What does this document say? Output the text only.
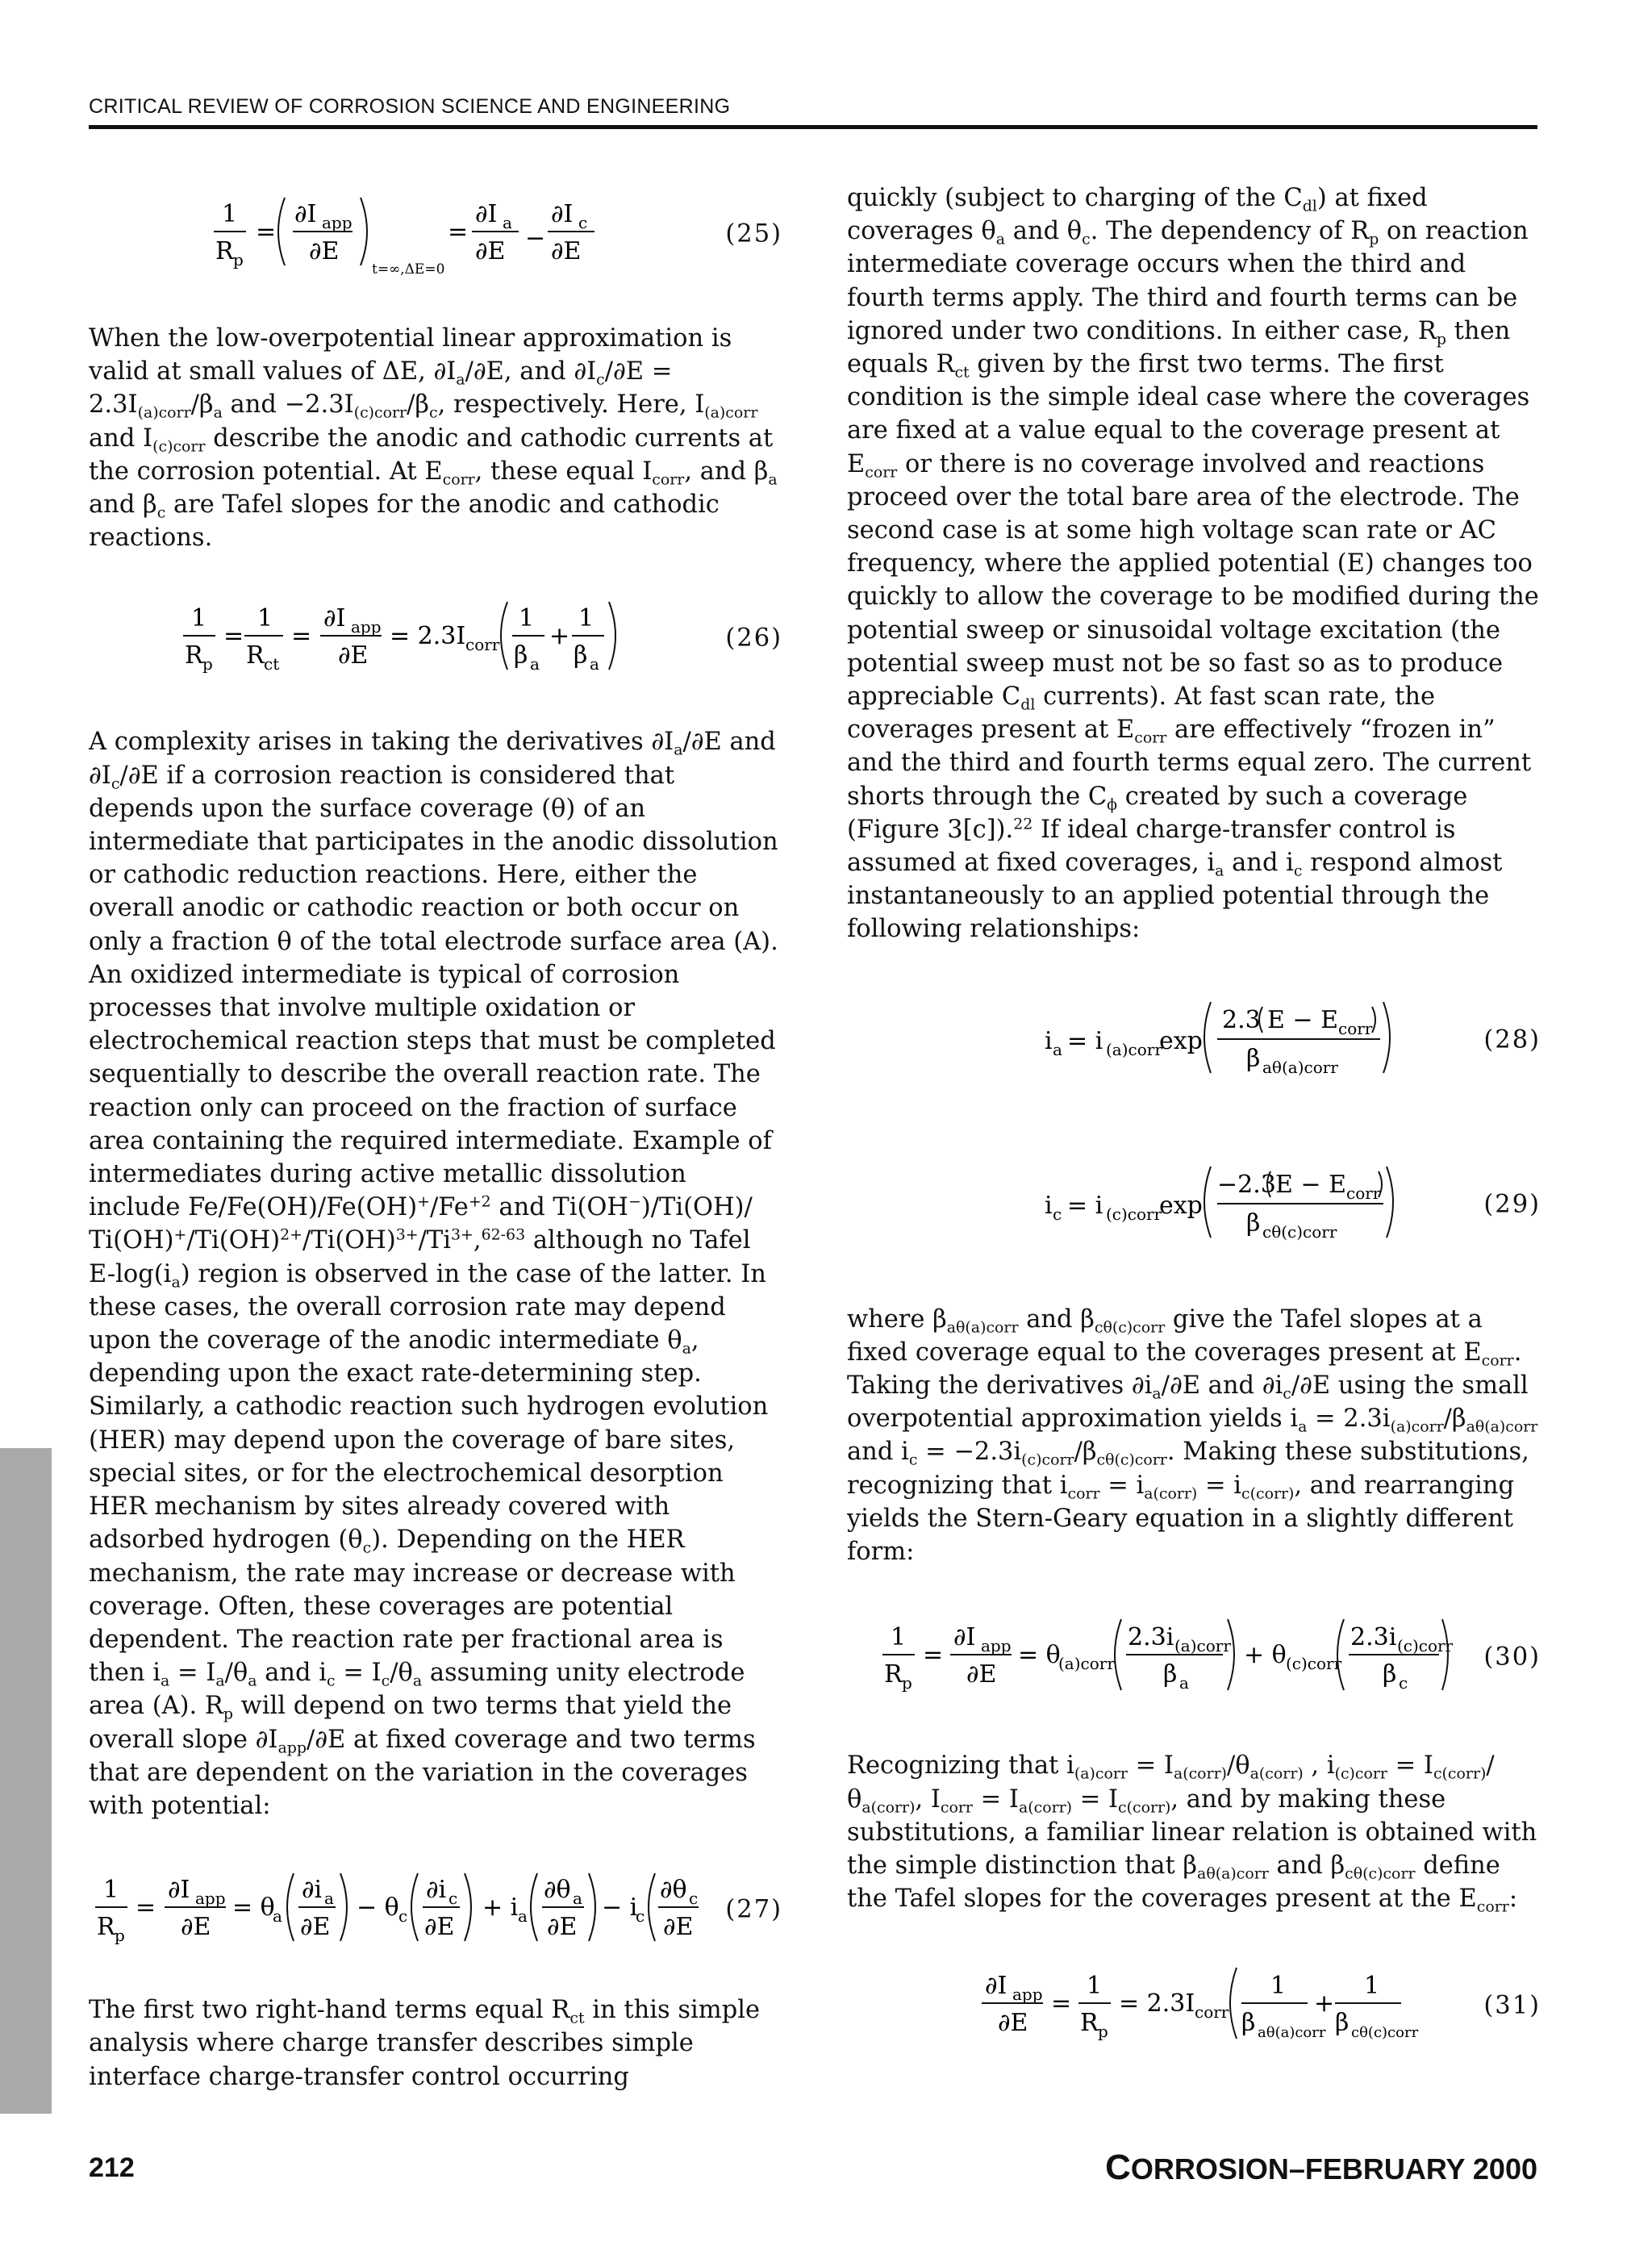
CRITICAL REVIEW OF CORROSION SCIENCE AND ENGINEERING
1
R p
=
∂I app
∂E
t=∞,ΔE=0
=
∂I a
∂E −
∂I c
∂E
(25)

When the low-overpotential linear approximation is valid at small values of ΔE, $\partial I_a/\partial E$, and $\partial I_c/\partial E = 2.3I_{(a)corr}/\beta_a$ and $-2.3I_{(c)corr}/\beta_c$, respectively. Here, $I_{(a)corr}$ and $I_{(c)corr}$ describe the anodic and cathodic currents at the corrosion potential. At $E_{corr}$, these equal $I_{corr}$, and $\beta_a$ and $\beta_c$ are Tafel slopes for the anodic and cathodic reactions.

1
R p
=
1
R ct
=
∂I app
∂E
= 2.3I corr
1
β a
+
1
β a
(26)

A complexity arises in taking the derivatives $\partial I_a/\partial E$ and $\partial I_c/\partial E$ if a corrosion reaction is considered that depends upon the surface coverage (θ) of an intermediate that participates in the anodic dissolution or cathodic reduction reactions. Here, either the overall anodic or cathodic reaction or both occur on only a fraction θ of the total electrode surface area (A). An oxidized intermediate is typical of corrosion processes that involve multiple oxidation or electrochemical reaction steps that must be completed sequentially to describe the overall reaction rate. The reaction only can proceed on the fraction of surface area containing the required intermediate. Example of intermediates during active metallic dissolution include $Fe/Fe(OH)/Fe(OH)^+/Fe^{+2}$ and Ti(OH−)/Ti(OH)/ $Ti(OH)^+/Ti(OH)^{2+}/Ti(OH)^{3+}/Ti^{3+},^{62-63}$ although no Tafel $E-\log(i_a)$ region is observed in the case of the latter. In these cases, the overall corrosion rate may depend upon the coverage of the anodic intermediate $\theta_a$, depending upon the exact rate-determining step. Similarly, a cathodic reaction such hydrogen evolution (HER) may depend upon the coverage of bare sites, special sites, or for the electrochemical desorption HER mechanism by sites already covered with adsorbed hydrogen $(\theta_c)$. Depending on the HER mechanism, the rate may increase or decrease with coverage. Often, these coverages are potential dependent. The reaction rate per fractional area is then $i_a = I_a/\theta_a$ and $i_c = I_c/\theta_a$ assuming unity electrode area (A). $R_p$ will depend on two terms that yield the overall slope $\partial I_{app}/\partial E$ at fixed coverage and two terms that are dependent on the variation in the coverages with potential:

1
R p
=
∂I app
∂E
= θ
a
∂i a
∂E
− θ c
∂i c
∂E
+ i a
∂θ a
∂E
− i
c
∂θ c
∂E
(27)

The first two right-hand terms equal $R_{ct}$ in this simple analysis where charge transfer describes simple interface charge-transfer control occurring

quickly (subject to charging of the $C_{dl}$) at fixed coverages $\theta_a$ and $\theta_c$. The dependency of $R_p$ on reaction intermediate coverage occurs when the third and fourth terms apply. The third and fourth terms can be ignored under two conditions. In either case, $R_p$ then equals $R_{ct}$ given by the first two terms. The first condition is the simple ideal case where the coverages are fixed at a value equal to the coverage present at $E_{corr}$ or there is no coverage involved and reactions proceed over the total bare area of the electrode. The second case is at some high voltage scan rate or AC frequency, where the applied potential (E) changes too quickly to allow the coverage to be modified during the potential sweep or sinusoidal voltage excitation (the potential sweep must not be so fast so as to produce appreciable $C_{dl}$ currents). At fast scan rate, the coverages present at $E_{corr}$ are effectively “frozen in” and the third and fourth terms equal zero. The current shorts through the $C_\phi$ created by such a coverage (Figure 3[c]).$^{22}$ If ideal charge-transfer control is assumed at fixed coverages, $i_a$ and $i_c$ respond almost instantaneously to an applied potential through the following relationships:

i a = i (a)corr
exp
2.3 E − E corr
β aθ(a)corr
(28)
i c = i (c)corr
exp
−2.3 E − E corr
β cθ(c)corr
(29)

where $\beta_{a\theta(a)corr}$ and $\beta_{c\theta(c)corr}$ give the Tafel slopes at a fixed coverage equal to the coverages present at $E_{corr}$. Taking the derivatives $\partial i_a/\partial E$ and $\partial i_c/\partial E$ using the small overpotential approximation yields $i_a = 2.3i_{(a)corr}/\beta_{a\theta(a)corr}$ and $i_c = -2.3i_{(c)corr}/\beta_{c\theta(c)corr}$. Making these substitutions, recognizing that $i_{corr} = i_{a(corr)} = i_{c(corr)}$, and rearranging yields the Stern-Geary equation in a slightly different form:

1
R p
=
∂I app
∂E
= θ
(a)corr
2.3i (a)corr
β a
+ θ (c)corr
2.3i (c)corr
β c
(30)

Recognizing that $i_{(a)corr} = I_{a(corr)}/\theta_{a(corr)}$ , $i_{(c)corr} = I_{c(corr)}/$ $\theta_{a(corr)}$, $I_{corr} = I_{a(corr)} = I_{c(corr)}$, and by making these substitutions, a familiar linear relation is obtained with the simple distinction that $\beta_{a\theta(a)corr}$ and $\beta_{c\theta(c)corr}$ define the Tafel slopes for the coverages present at the $E_{corr}$:

∂I app
∂E
=
1
R p
= 2.3I corr
1
β aθ(a)corr
+
1
β cθ(c)corr
(31)
212	CORROSION–FEBRUARY 2000
